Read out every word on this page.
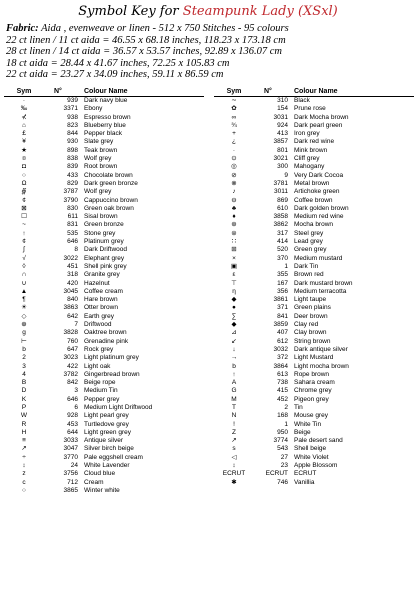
Symbol Key for Steampunk Lady (XSxl)
Fabric: Aida , evenweave or linen - 512 x 750 Stitches - 95 colours
22 ct linen / 11 ct aida = 46.55 x 68.18 inches, 118.23 x 173.18 cm
28 ct linen / 14 ct aida = 36.57 x 53.57 inches, 92.89 x 136.07 cm
18 ct aida = 28.44 x 41.67 inches, 72.25 x 105.83 cm
22 ct aida = 23.27 x 34.09 inches, 59.11 x 86.59 cm
Sym	N°	Colour Name
·	939	Dark navy blue
‰	3371	Ebony
⊀	938	Espresso brown
⌂	823	Blueberry blue
£	844	Pepper black
¥	930	Slate grey
★	898	Teak brown
¤	838	Wolf grey
◘	839	Root brown
○	433	Chocolate brown
Ω	829	Dark green bronze
∯	3787	Wolf grey
¢	3790	Cappuccino brown
⊠	830	Green oak brown
☐	611	Sisal brown
~	831	Green bronze
↑	535	Stone grey
¢	646	Platinum grey
∫	8	Dark Driftwood
√	3022	Elephant grey
◊	451	Shell pink grey
∩	318	Granite grey
∪	420	Hazelnut
▲	3045	Coffee cream
¶	840	Hare brown
☀	3863	Otter brown
◇	642	Earth grey
⊕	7	Driftwood
g	3828	Oaktree brown
⊢	760	Grenadine pink
b	647	Rock grey
2	3023	Light platinum grey
3	422	Light oak
4	3782	Gingerbread brown
B	842	Beige rope
D	3	Medium Tin
K	646	Pepper grey
P	6	Medium Light Driftwood
W	928	Light pearl grey
R	453	Turtledove grey
H	644	Light green grey
≡	3033	Antique silver
↗	3047	Silver birch beige
÷	3770	Pale eggshell cream
↕	24	White Lavender
z	3756	Cloud blue
c	712	Cream
○	3865	Winter white
Sym	N°	Colour Name
∼	310	Black
✿	154	Prune rose
∞	3031	Dark Mocha brown
¾	924	Dark pearl green
+	413	Iron grey
¿	3857	Dark red wine
·	801	Mink brown
⊙	3021	Cliff grey
◎	300	Mahogany
⊘	9	Very Dark Cocoa
⊗	3781	Metal brown
♪	3011	Artichoke green
⊖	869	Coffee brown
♣	610	Dark golden brown
♦	3858	Medium red wine
⊛	3862	Mocha brown
⊜	317	Steel grey
∷	414	Lead grey
⊞	520	Green grey
×	370	Medium mustard
▣	1	Dark Tin
ε	355	Brown red
⊤	167	Dark mustard brown
η	356	Medium terracotta
◆	3861	Light taupe
●	371	Green plains
∑	841	Deer brown
◆	3859	Clay red
⊿	407	Clay brown
↙	612	String brown
↓	3032	Dark antique silver
→	372	Light Mustard
b	3864	Light mocha brown
↑	613	Rope brown
A	738	Sahara cream
G	415	Chrome grey
M	452	Pigeon grey
T	2	Tin
N	168	Mouse grey
!	1	White Tin
Z	950	Beige
↗	3774	Pale desert sand
s	543	Shell beige
◁	27	White Violet
↕	23	Apple Blossom
ECRUT	ECRUT	ECRUT
✱	746	Vanillia
